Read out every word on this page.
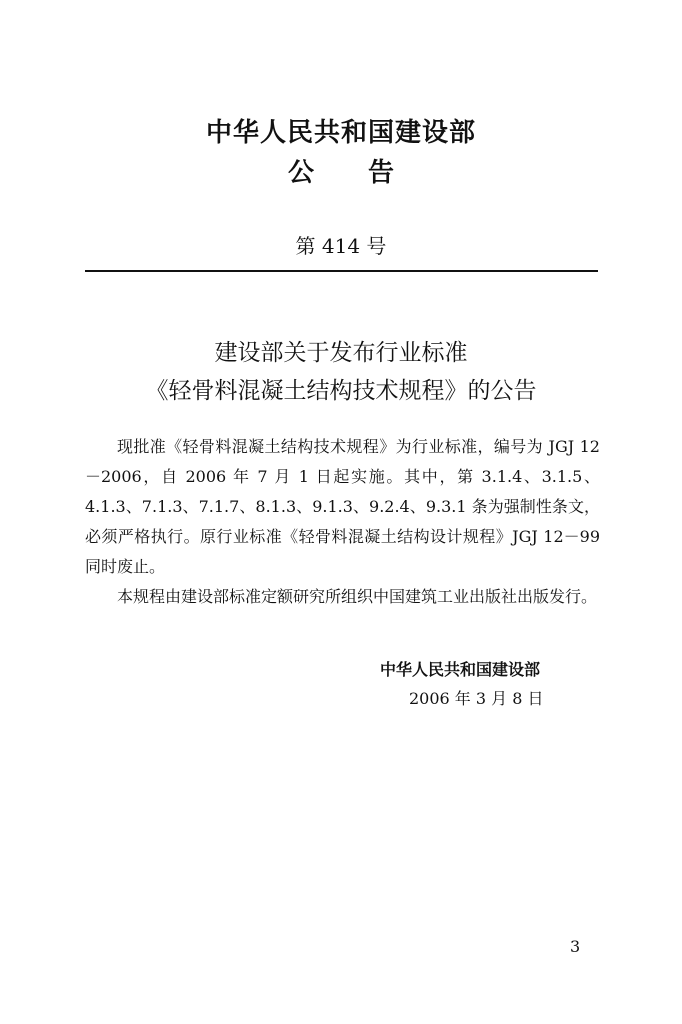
中华人民共和国建设部
公 告
第 414 号
建设部关于发布行业标准
《轻骨料混凝土结构技术规程》的公告

现批准《轻骨料混凝土结构技术规程》为行业标准，编号为 JGJ 12－2006，自 2006 年 7 月 1 日起实施。其中，第 3.1.4、3.1.5、4.1.3、7.1.3、7.1.7、8.1.3、9.1.3、9.2.4、9.3.1 条为强制性条文，必须严格执行。原行业标准《轻骨料混凝土结构设计规程》JGJ 12－99 同时废止。

本规程由建设部标准定额研究所组织中国建筑工业出版社出版发行。

中华人民共和国建设部
2006 年 3 月 8 日
3
